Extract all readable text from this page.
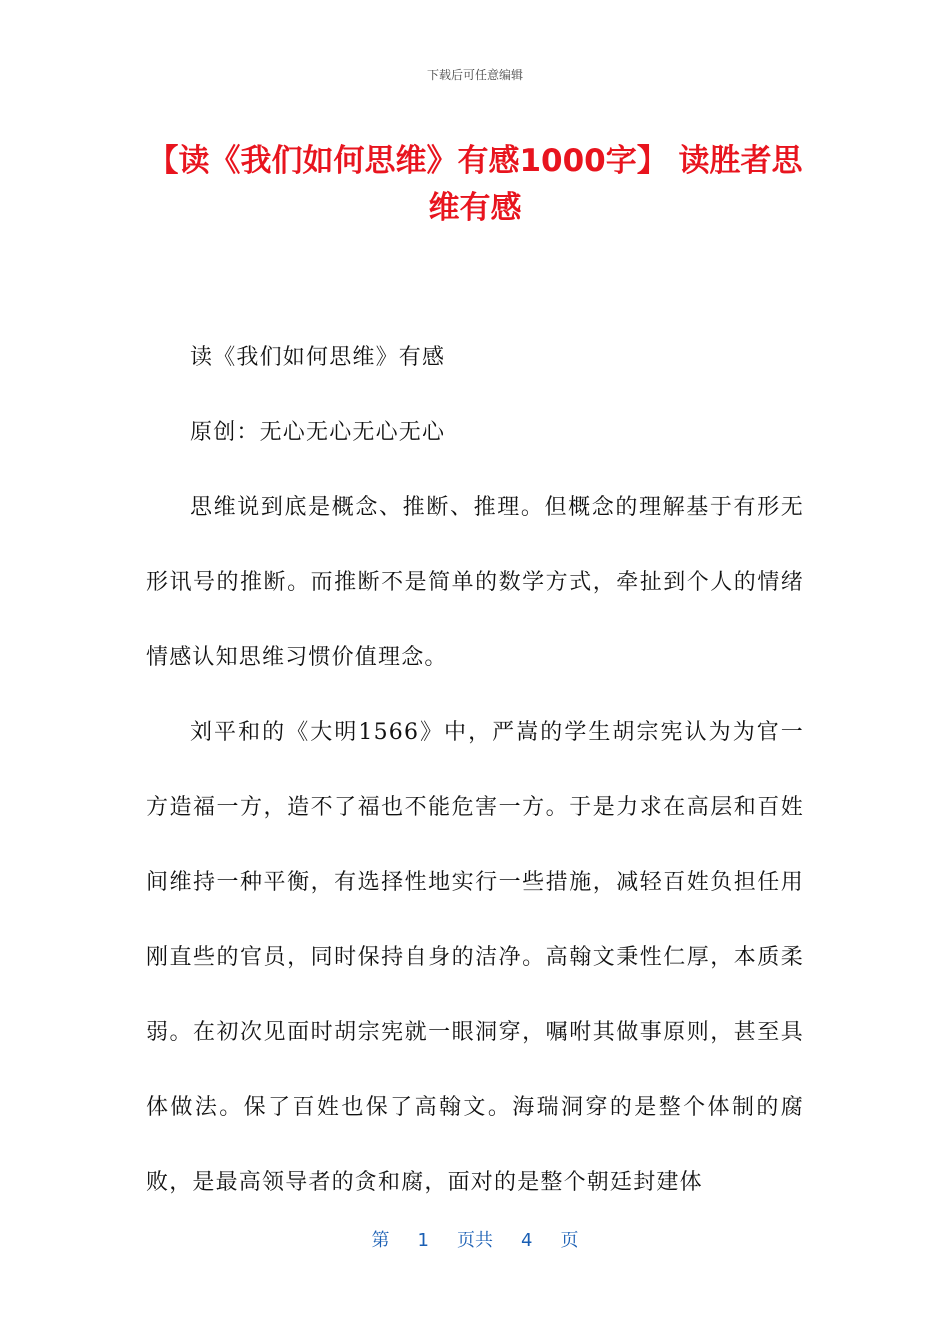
下载后可任意编辑
【读《我们如何思维》有感1000字】 读胜者思维有感

读《我们如何思维》有感

原创：无心无心无心无心

思维说到底是概念、推断、推理。但概念的理解基于有形无形讯号的推断。而推断不是简单的数学方式，牵扯到个人的情绪情感认知思维习惯价值理念。

刘平和的《大明1566》中，严嵩的学生胡宗宪认为为官一方造福一方，造不了福也不能危害一方。于是力求在高层和百姓间维持一种平衡，有选择性地实行一些措施，减轻百姓负担任用刚直些的官员，同时保持自身的洁净。高翰文秉性仁厚，本质柔弱。在初次见面时胡宗宪就一眼洞穿，嘱咐其做事原则，甚至具体做法。保了百姓也保了高翰文。海瑞洞穿的是整个体制的腐败，是最高领导者的贪和腐，面对的是整个朝廷封建体

第 1 页共 4 页
